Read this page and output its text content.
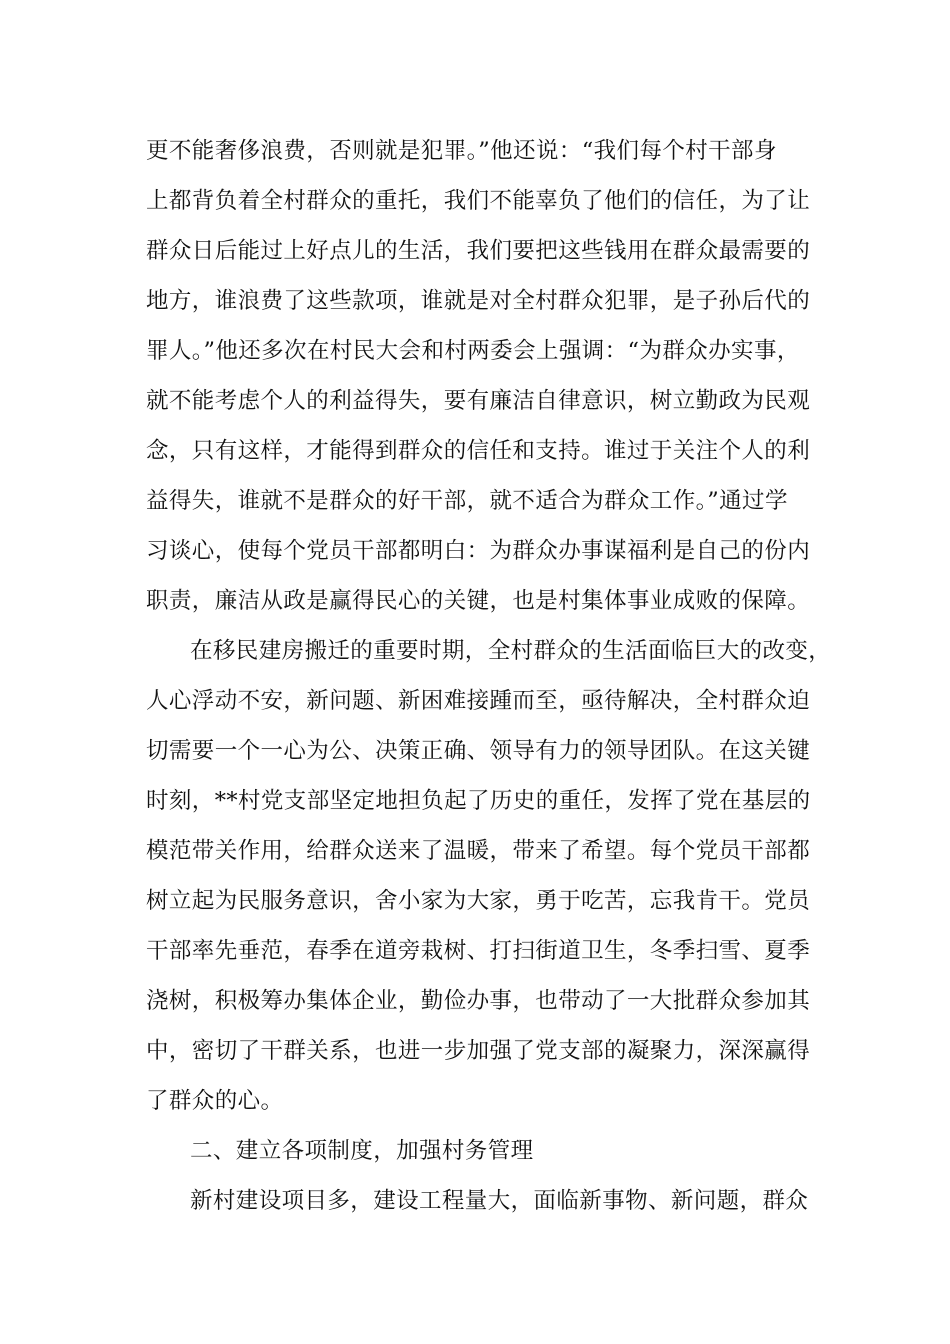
更不能奢侈浪费，否则就是犯罪。”他还说：“我们每个村干部身
上都背负着全村群众的重托，我们不能辜负了他们的信任，为了让
群众日后能过上好点儿的生活，我们要把这些钱用在群众最需要的
地方，谁浪费了这些款项，谁就是对全村群众犯罪，是子孙后代的
罪人。”他还多次在村民大会和村两委会上强调：“为群众办实事，
就不能考虑个人的利益得失，要有廉洁自律意识，树立勤政为民观
念，只有这样，才能得到群众的信任和支持。谁过于关注个人的利
益得失，谁就不是群众的好干部，就不适合为群众工作。”通过学
习谈心，使每个党员干部都明白：为群众办事谋福利是自己的份内
职责，廉洁从政是赢得民心的关键，也是村集体事业成败的保障。
在移民建房搬迁的重要时期，全村群众的生活面临巨大的改变，
人心浮动不安，新问题、新困难接踵而至，亟待解决，全村群众迫
切需要一个一心为公、决策正确、领导有力的领导团队。在这关键
时刻，**村党支部坚定地担负起了历史的重任，发挥了党在基层的
模范带关作用，给群众送来了温暖，带来了希望。每个党员干部都
树立起为民服务意识，舍小家为大家，勇于吃苦，忘我肯干。党员
干部率先垂范，春季在道旁栽树、打扫街道卫生，冬季扫雪、夏季
浇树，积极筹办集体企业，勤俭办事，也带动了一大批群众参加其
中，密切了干群关系，也进一步加强了党支部的凝聚力，深深赢得
了群众的心。
二、建立各项制度，加强村务管理
新村建设项目多，建设工程量大，面临新事物、新问题，群众
